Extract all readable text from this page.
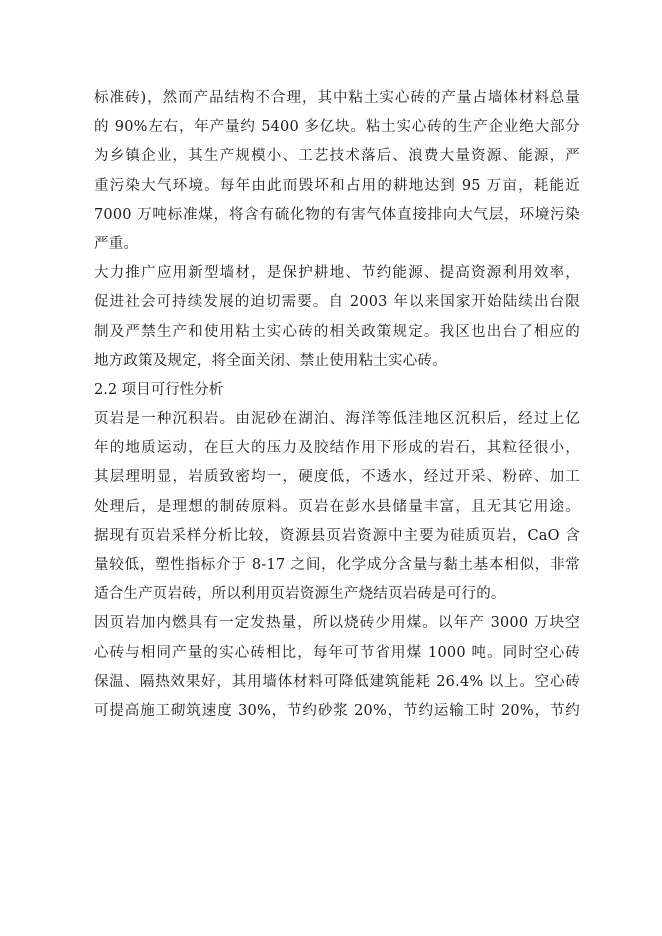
标准砖)，然而产品结构不合理，其中粘土实心砖的产量占墙体材料总量
的 90%左右，年产量约 5400 多亿块。粘土实心砖的生产企业绝大部分
为乡镇企业，其生产规模小、工艺技术落后、浪费大量资源、能源，严
重污染大气环境。每年由此而毁坏和占用的耕地达到 95 万亩，耗能近
7000 万吨标准煤，将含有硫化物的有害气体直接排向大气层，环境污染
严重。
大力推广应用新型墙材，是保护耕地、节约能源、提高资源利用效率，
促进社会可持续发展的迫切需要。自 2003 年以来国家开始陆续出台限
制及严禁生产和使用粘土实心砖的相关政策规定。我区也出台了相应的
地方政策及规定，将全面关闭、禁止使用粘土实心砖。
2.2 项目可行性分析
页岩是一种沉积岩。由泥砂在湖泊、海洋等低洼地区沉积后，经过上亿
年的地质运动，在巨大的压力及胶结作用下形成的岩石，其粒径很小，
其层理明显，岩质致密均一，硬度低，不透水，经过开采、粉碎、加工
处理后，是理想的制砖原料。页岩在彭水县储量丰富，且无其它用途。
据现有页岩采样分析比较，资源县页岩资源中主要为硅质页岩，CaO 含
量较低，塑性指标介于 8-17 之间，化学成分含量与黏土基本相似，非常
适合生产页岩砖，所以利用页岩资源生产烧结页岩砖是可行的。
因页岩加内燃具有一定发热量，所以烧砖少用煤。以年产 3000 万块空
心砖与相同产量的实心砖相比，每年可节省用煤 1000 吨。同时空心砖
保温、隔热效果好，其用墙体材料可降低建筑能耗 26.4% 以上。空心砖
可提高施工砌筑速度 30%，节约砂浆 20%，节约运输工时 20%，节约
